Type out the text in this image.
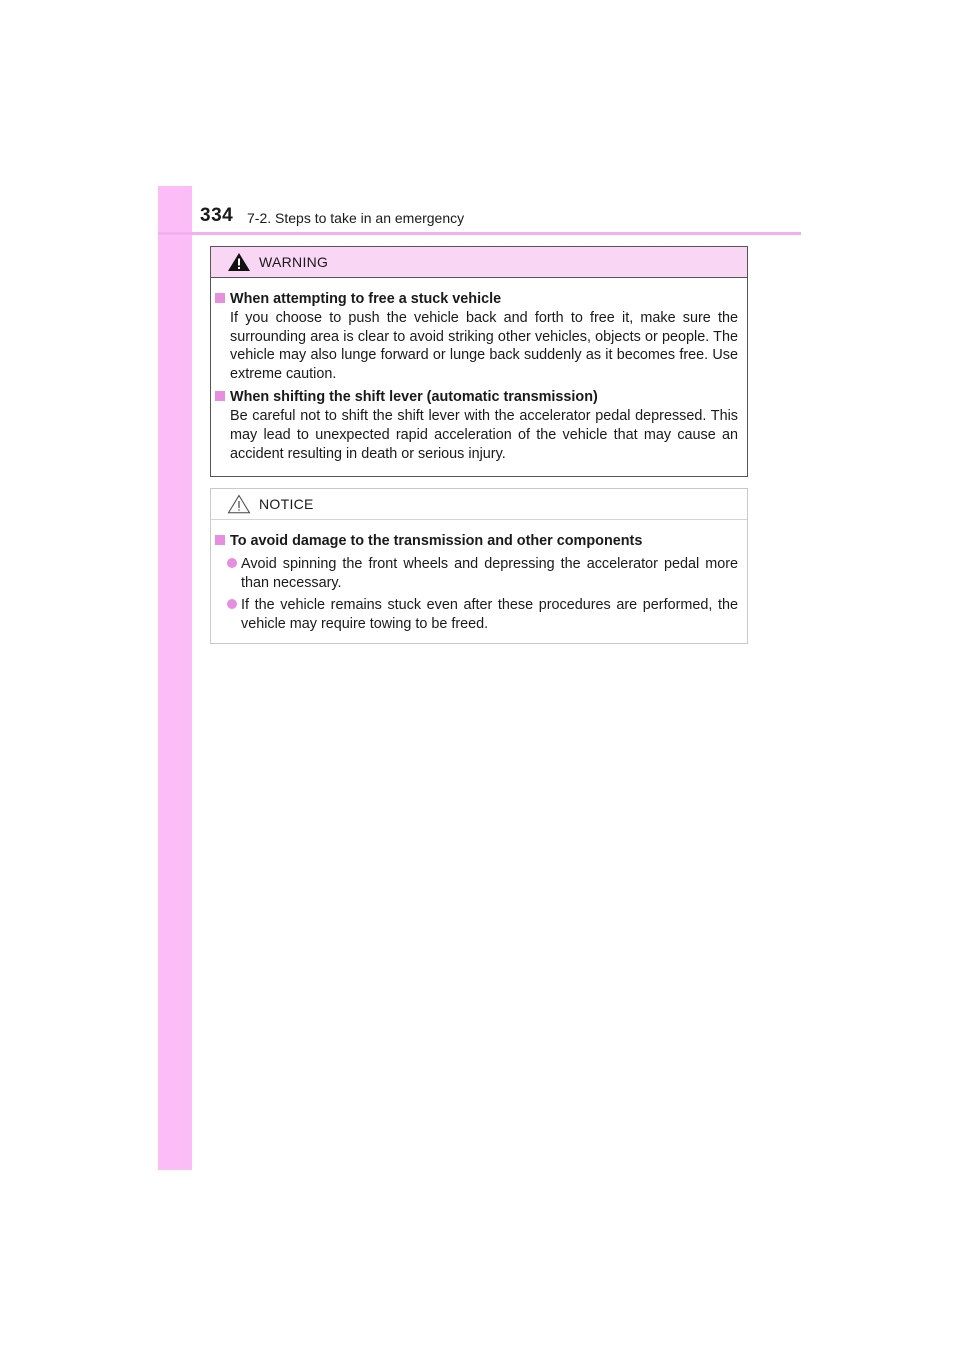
334 7-2. Steps to take in an emergency
WARNING
When attempting to free a stuck vehicle
If you choose to push the vehicle back and forth to free it, make sure the surrounding area is clear to avoid striking other vehicles, objects or people. The vehicle may also lunge forward or lunge back suddenly as it becomes free. Use extreme caution.
When shifting the shift lever (automatic transmission)
Be careful not to shift the shift lever with the accelerator pedal depressed. This may lead to unexpected rapid acceleration of the vehicle that may cause an accident resulting in death or serious injury.
NOTICE
To avoid damage to the transmission and other components
Avoid spinning the front wheels and depressing the accelerator pedal more than necessary.
If the vehicle remains stuck even after these procedures are performed, the vehicle may require towing to be freed.
